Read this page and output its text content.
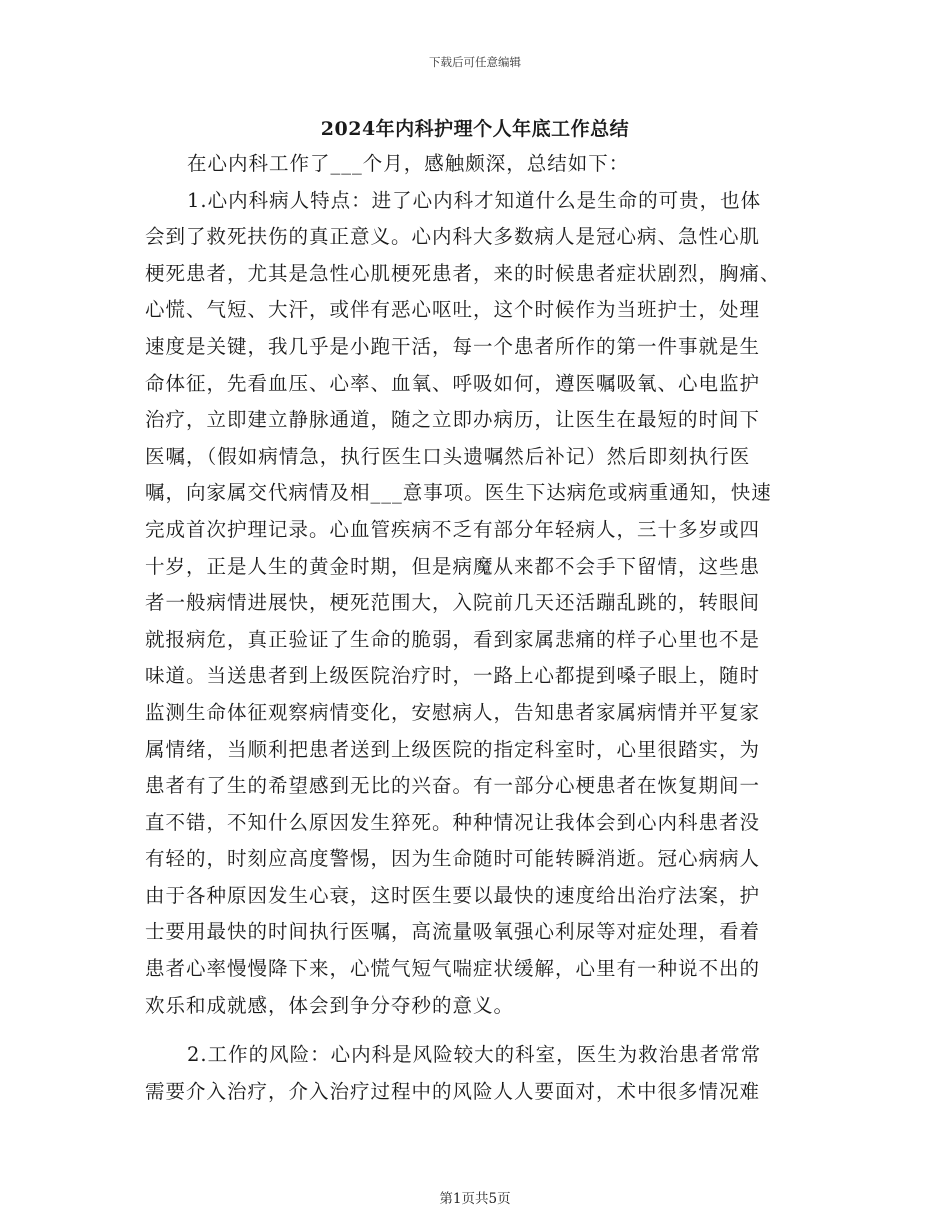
下载后可任意编辑
2024年内科护理个人年底工作总结
在心内科工作了___个月，感触颇深，总结如下：
1.心内科病人特点：进了心内科才知道什么是生命的可贵，也体
会到了救死扶伤的真正意义。心内科大多数病人是冠心病、急性心肌
梗死患者，尤其是急性心肌梗死患者，来的时候患者症状剧烈，胸痛、
心慌、气短、大汗，或伴有恶心呕吐，这个时候作为当班护士，处理
速度是关键，我几乎是小跑干活，每一个患者所作的第一件事就是生
命体征，先看血压、心率、血氧、呼吸如何，遵医嘱吸氧、心电监护
治疗，立即建立静脉通道，随之立即办病历，让医生在最短的时间下
医嘱，（假如病情急，执行医生口头遗嘱然后补记）然后即刻执行医
嘱，向家属交代病情及相___意事项。医生下达病危或病重通知，快速
完成首次护理记录。心血管疾病不乏有部分年轻病人，三十多岁或四
十岁，正是人生的黄金时期，但是病魔从来都不会手下留情，这些患
者一般病情进展快，梗死范围大，入院前几天还活蹦乱跳的，转眼间
就报病危，真正验证了生命的脆弱，看到家属悲痛的样子心里也不是
味道。当送患者到上级医院治疗时，一路上心都提到嗓子眼上，随时
监测生命体征观察病情变化，安慰病人，告知患者家属病情并平复家
属情绪，当顺利把患者送到上级医院的指定科室时，心里很踏实，为
患者有了生的希望感到无比的兴奋。有一部分心梗患者在恢复期间一
直不错，不知什么原因发生猝死。种种情况让我体会到心内科患者没
有轻的，时刻应高度警惕，因为生命随时可能转瞬消逝。冠心病病人
由于各种原因发生心衰，这时医生要以最快的速度给出治疗法案，护
士要用最快的时间执行医嘱，高流量吸氧强心利尿等对症处理，看着
患者心率慢慢降下来，心慌气短气喘症状缓解，心里有一种说不出的
欢乐和成就感，体会到争分夺秒的意义。
2.工作的风险：心内科是风险较大的科室，医生为救治患者常常
需要介入治疗，介入治疗过程中的风险人人要面对，术中很多情况难
第1页共5页
